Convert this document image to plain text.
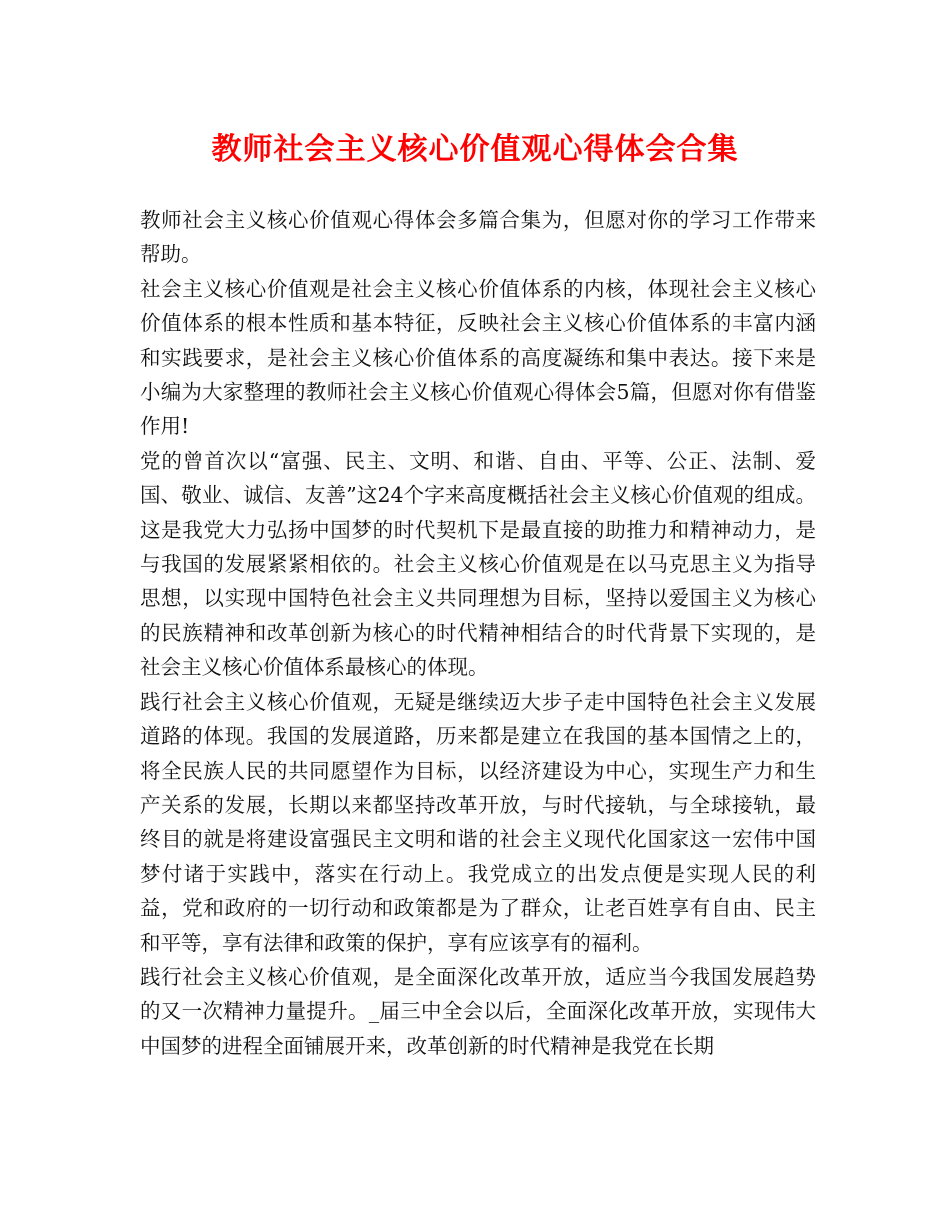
教师社会主义核心价值观心得体会合集

教师社会主义核心价值观心得体会多篇合集为，但愿对你的学习工作带来帮助。

社会主义核心价值观是社会主义核心价值体系的内核，体现社会主义核心价值体系的根本性质和基本特征，反映社会主义核心价值体系的丰富内涵和实践要求，是社会主义核心价值体系的高度凝练和集中表达。接下来是小编为大家整理的教师社会主义核心价值观心得体会5篇，但愿对你有借鉴作用!

党的曾首次以“富强、民主、文明、和谐、自由、平等、公正、法制、爱国、敬业、诚信、友善”这24个字来高度概括社会主义核心价值观的组成。这是我党大力弘扬中国梦的时代契机下是最直接的助推力和精神动力，是与我国的发展紧紧相依的。社会主义核心价值观是在以马克思主义为指导思想，以实现中国特色社会主义共同理想为目标，坚持以爱国主义为核心的民族精神和改革创新为核心的时代精神相结合的时代背景下实现的，是社会主义核心价值体系最核心的体现。

践行社会主义核心价值观，无疑是继续迈大步子走中国特色社会主义发展道路的体现。我国的发展道路，历来都是建立在我国的基本国情之上的，将全民族人民的共同愿望作为目标，以经济建设为中心，实现生产力和生产关系的发展，长期以来都坚持改革开放，与时代接轨，与全球接轨，最终目的就是将建设富强民主文明和谐的社会主义现代化国家这一宏伟中国梦付诸于实践中，落实在行动上。我党成立的出发点便是实现人民的利益，党和政府的一切行动和政策都是为了群众，让老百姓享有自由、民主和平等，享有法律和政策的保护，享有应该享有的福利。

践行社会主义核心价值观，是全面深化改革开放，适应当今我国发展趋势的又一次精神力量提升。_届三中全会以后，全面深化改革开放，实现伟大中国梦的进程全面铺展开来，改革创新的时代精神是我党在长期
